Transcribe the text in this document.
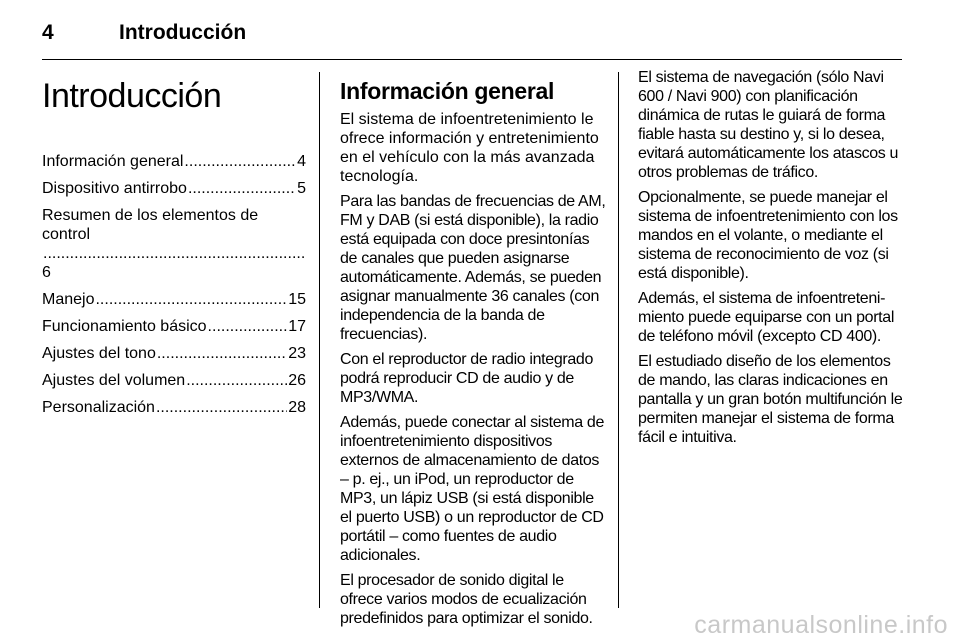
4	Introducción
Introducción
Información general .....	4
Dispositivo antirrobo .....	5
Resumen de los elementos de
control
.....
6
Manejo .....	15
Funcionamiento básico .....	17
Ajustes del tono .....	23
Ajustes del volumen .....	26
Personalización .....	28
Información general

El sistema de infoentretenimiento le ofrece información y entretenimiento en el vehículo con la más avanzada tecnología.

Para las bandas de frecuencias de AM, FM y DAB (si está disponible), la radio está equipada con doce presintonías de canales que pueden asignarse automáticamente. Además, se pueden asignar manualmente 36 canales (con independencia de la banda de frecuencias).

Con el reproductor de radio integrado podrá reproducir CD de audio y de MP3/WMA.

Además, puede conectar al sistema de infoentretenimiento dispositivos externos de almacenamiento de datos – p. ej., un iPod, un reproductor de MP3, un lápiz USB (si está disponible el puerto USB) o un reproductor de CD portátil – como fuentes de audio adicionales.

El procesador de sonido digital le ofrece varios modos de ecualización predefinidos para optimizar el sonido.

El sistema de navegación (sólo Navi 600 / Navi 900) con planificación dinámica de rutas le guiará de forma fiable hasta su destino y, si lo desea, evitará automáticamente los atascos u otros problemas de tráfico.

Opcionalmente, se puede manejar el sistema de infoentretenimiento con los mandos en el volante, o mediante el sistema de reconocimiento de voz (si está disponible).

Además, el sistema de infoentretenimiento puede equiparse con un portal de teléfono móvil (excepto CD 400).

El estudiado diseño de los elementos de mando, las claras indicaciones en pantalla y un gran botón multifunción le permiten manejar el sistema de forma fácil e intuitiva.

carmanualsonline.info
